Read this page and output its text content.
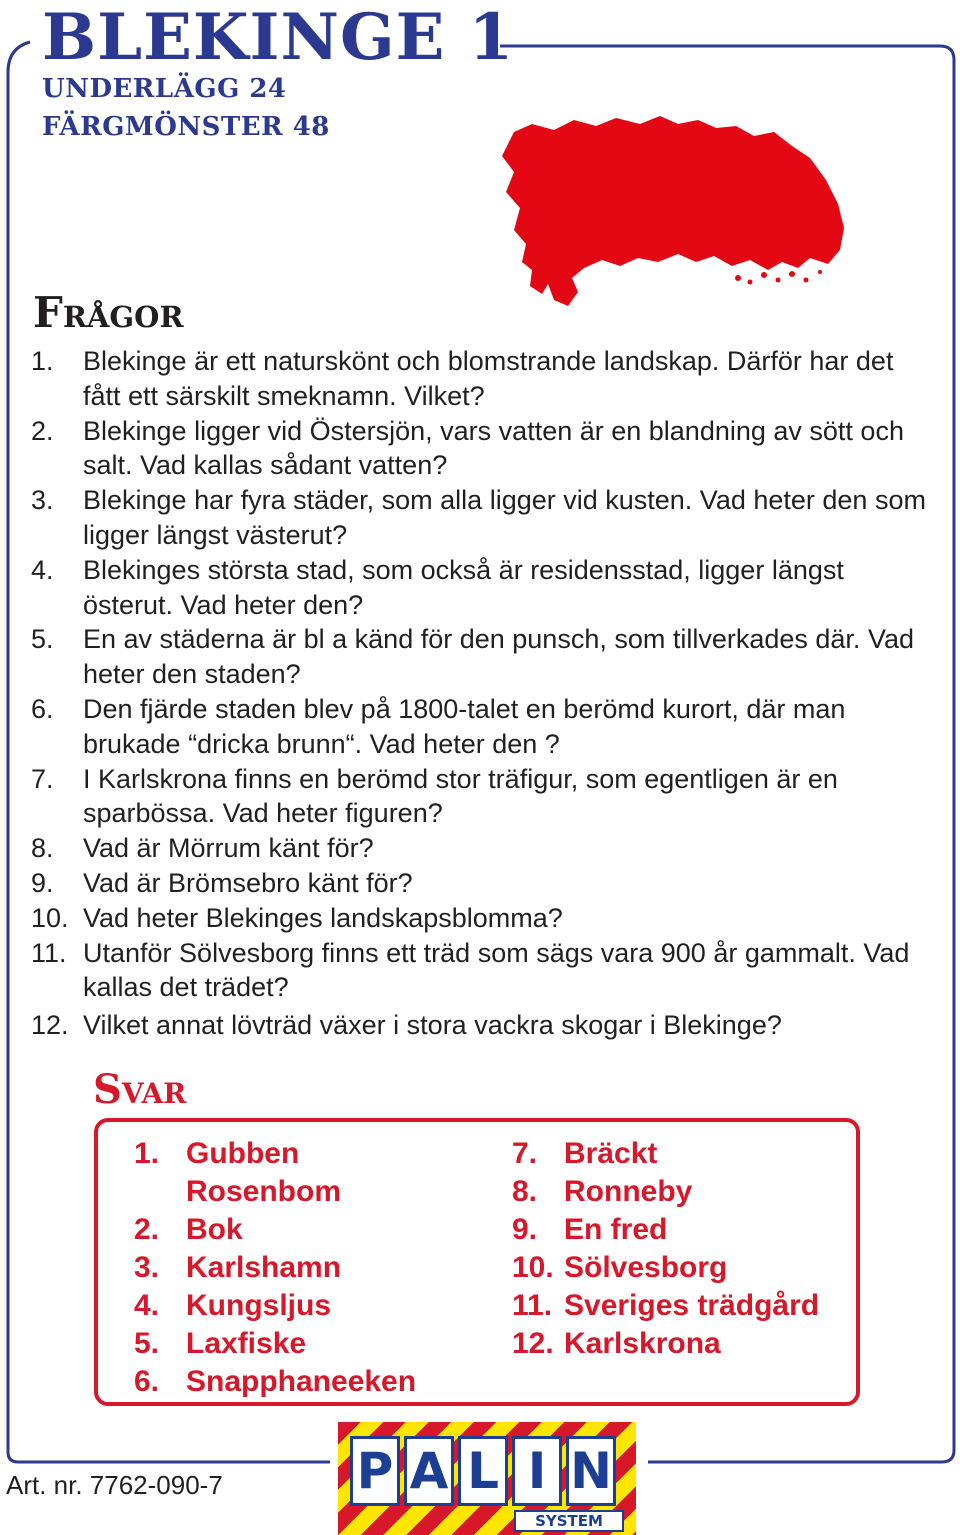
BLEKINGE 1
UNDERLÄGG 24
FÄRGMÖNSTER 48
Frågor
1.	Blekinge är ett naturskönt och blomstrande landskap. Därför har det fått ett särskilt smeknamn. Vilket?
2.	Blekinge ligger vid Östersjön, vars vatten är en blandning av sött och salt. Vad kallas sådant vatten?
3.	Blekinge har fyra städer, som alla ligger vid kusten. Vad heter den som ligger längst västerut?
4.	Blekinges största stad, som också är residensstad, ligger längst österut. Vad heter den?
5.	En av städerna är bl a känd för den punsch, som tillverkades där. Vad heter den staden?
6.	Den fjärde staden blev på 1800-talet en berömd kurort, där man brukade “dricka brunn“. Vad heter den ?
7.	I Karlskrona finns en berömd stor träfigur, som egentligen är en sparbössa. Vad heter figuren?
8.	Vad är Mörrum känt för?
9.	Vad är Brömsebro känt för?
10. Vad heter Blekinges landskapsblomma?
11. Utanför Sölvesborg finns ett träd som sägs vara 900 år gammalt. Vad kallas det trädet?
12. Vilket annat lövträd växer i stora vackra skogar i Blekinge?
Svar
1. Gubben
Rosenbom
2. Bok
3. Karlshamn
4. Kungsljus
5. Laxfiske
6. Snapphaneeken
7. Bräckt
8. Ronneby
9. En fred
10. Sölvesborg
11. Sveriges trädgård
12. Karlskrona
Art. nr. 7762-090-7	P A L I N
SYSTEM
